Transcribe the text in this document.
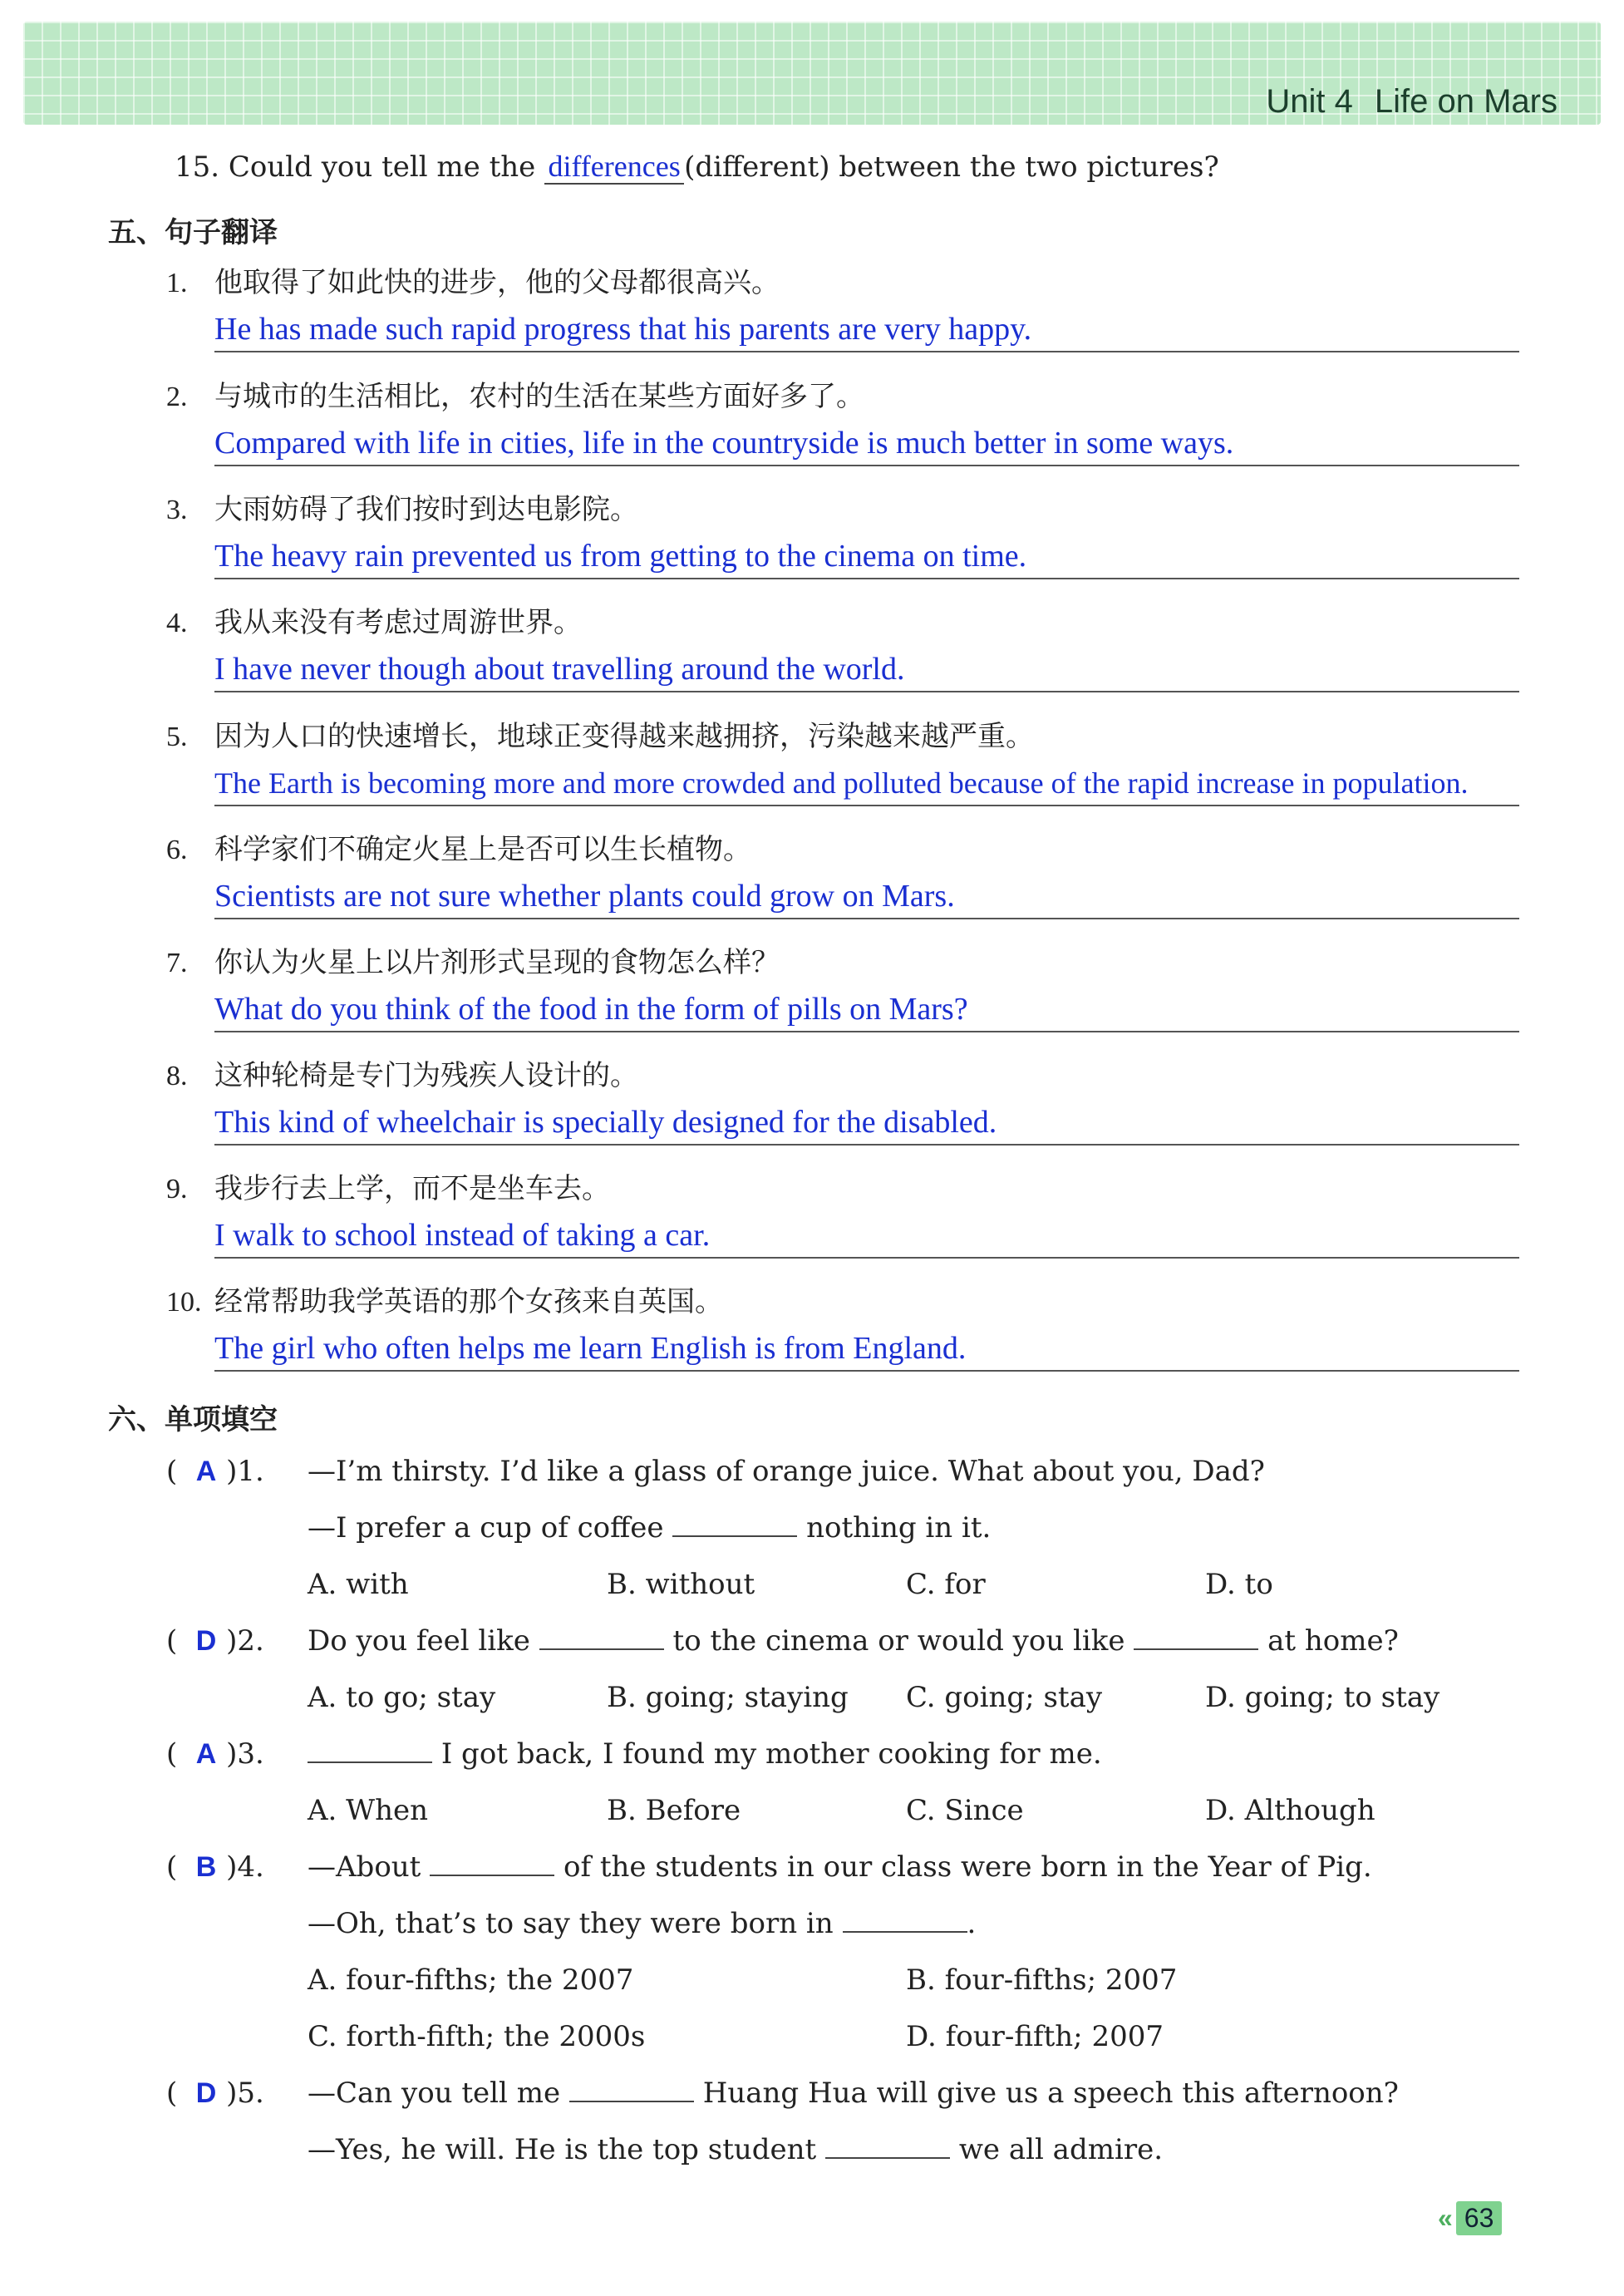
Unit 4 Life on Mars
15. Could you tell me the differences (different) between the two pictures?
五、句子翻译
1. 他取得了如此快的进步，他的父母都很高兴。
He has made such rapid progress that his parents are very happy.
2. 与城市的生活相比，农村的生活在某些方面好多了。
Compared with life in cities, life in the countryside is much better in some ways.
3. 大雨妨碍了我们按时到达电影院。
The heavy rain prevented us from getting to the cinema on time.
4. 我从来没有考虑过周游世界。
I have never though about travelling around the world.
5. 因为人口的快速增长，地球正变得越来越拥挤，污染越来越严重。
The Earth is becoming more and more crowded and polluted because of the rapid increase in population.
6. 科学家们不确定火星上是否可以生长植物。
Scientists are not sure whether plants could grow on Mars.
7. 你认为火星上以片剂形式呈现的食物怎么样？
What do you think of the food in the form of pills on Mars?
8. 这种轮椅是专门为残疾人设计的。
This kind of wheelchair is specially designed for the disabled.
9. 我步行去上学，而不是坐车去。
I walk to school instead of taking a car.
10. 经常帮助我学英语的那个女孩来自英国。
The girl who often helps me learn English is from England.
六、单项填空
( A )1. —I’m thirsty. I’d like a glass of orange juice. What about you, Dad?
—I prefer a cup of coffee	nothing in it.
A. with	B. without	C. for	D. to
( D )2. Do you feel like	to the cinema or would you like	at home?
A. to go; stay	B. going; staying	C. going; stay	D. going; to stay
( A )3.	I got back, I found my mother cooking for me.
A. When	B. Before	C. Since	D. Although
( B )4. —About	of the students in our class were born in the Year of Pig.
—Oh, that’s to say they were born in	.
A. four-fifths; the 2007	B. four-fifths; 2007
C. forth-fifth; the 2000s	D. four-fifth; 2007
( D )5. —Can you tell me	Huang Hua will give us a speech this afternoon?
—Yes, he will. He is the top student	we all admire.
« 63
